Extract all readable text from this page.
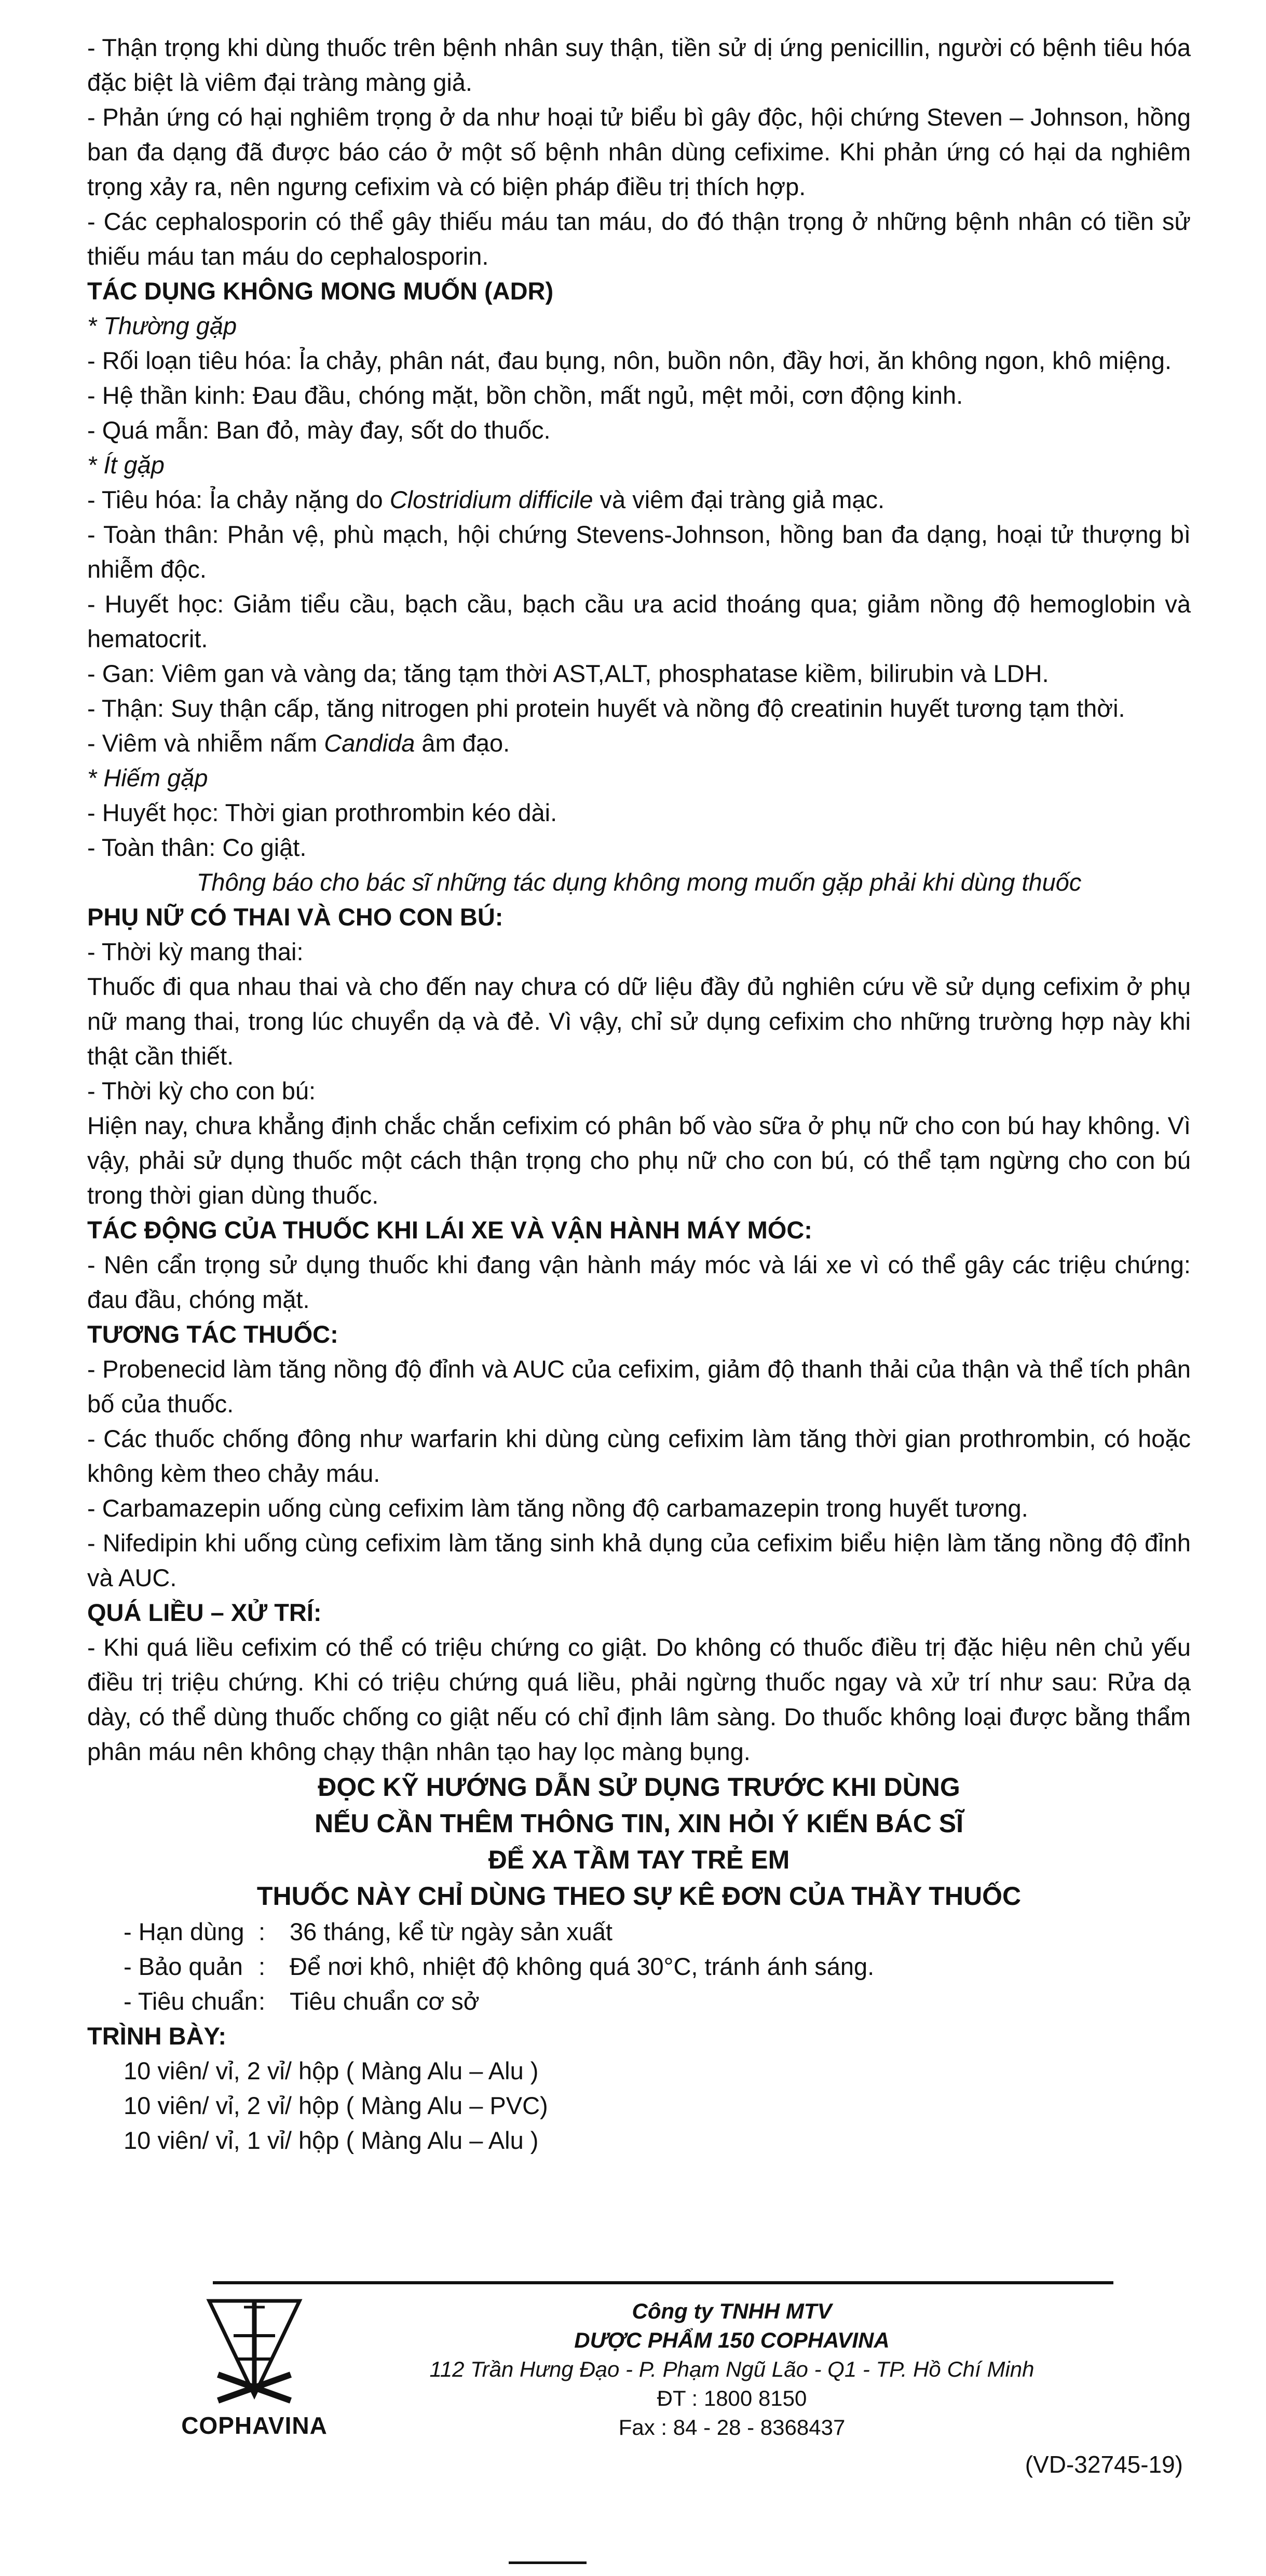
- Thận trọng khi dùng thuốc trên bệnh nhân suy thận, tiền sử dị ứng penicillin, người có bệnh tiêu hóa đặc biệt là viêm đại tràng màng giả.

- Phản ứng có hại nghiêm trọng ở da như hoại tử biểu bì gây độc, hội chứng Steven – Johnson, hồng ban đa dạng đã được báo cáo ở một số bệnh nhân dùng cefixime. Khi phản ứng có hại da nghiêm trọng xảy ra, nên ngưng cefixim và có biện pháp điều trị thích hợp.

- Các cephalosporin có thể gây thiếu máu tan máu, do đó thận trọng ở những bệnh nhân có tiền sử thiếu máu tan máu do cephalosporin.

TÁC DỤNG KHÔNG MONG MUỐN (ADR)

* Thường gặp

- Rối loạn tiêu hóa: Ỉa chảy, phân nát, đau bụng, nôn, buồn nôn, đầy hơi, ăn không ngon, khô miệng.

- Hệ thần kinh: Đau đầu, chóng mặt, bồn chồn, mất ngủ, mệt mỏi, cơn động kinh.

- Quá mẫn: Ban đỏ, mày đay, sốt do thuốc.

* Ít gặp

- Tiêu hóa: Ỉa chảy nặng do Clostridium difficile và viêm đại tràng giả mạc.

- Toàn thân: Phản vệ, phù mạch, hội chứng Stevens-Johnson, hồng ban đa dạng, hoại tử thượng bì nhiễm độc.

- Huyết học: Giảm tiểu cầu, bạch cầu, bạch cầu ưa acid thoáng qua; giảm nồng độ hemoglobin và hematocrit.

- Gan: Viêm gan và vàng da; tăng tạm thời AST,ALT, phosphatase kiềm, bilirubin và LDH.

- Thận: Suy thận cấp, tăng nitrogen phi protein huyết và nồng độ creatinin huyết tương tạm thời.

- Viêm và nhiễm nấm Candida âm đạo.

* Hiếm gặp

- Huyết học: Thời gian prothrombin kéo dài.

- Toàn thân: Co giật.

Thông báo cho bác sĩ những tác dụng không mong muốn gặp phải khi dùng thuốc

PHỤ NỮ CÓ THAI VÀ CHO CON BÚ:

- Thời kỳ mang thai:

Thuốc đi qua nhau thai và cho đến nay chưa có dữ liệu đầy đủ nghiên cứu về sử dụng cefixim ở phụ nữ mang thai, trong lúc chuyển dạ và đẻ. Vì vậy, chỉ sử dụng cefixim cho những trường hợp này khi thật cần thiết.

- Thời kỳ cho con bú:

Hiện nay, chưa khẳng định chắc chắn cefixim có phân bố vào sữa ở phụ nữ cho con bú hay không. Vì vậy, phải sử dụng thuốc một cách thận trọng cho phụ nữ cho con bú, có thể tạm ngừng cho con bú trong thời gian dùng thuốc.

TÁC ĐỘNG CỦA THUỐC KHI LÁI XE VÀ VẬN HÀNH MÁY MÓC:

- Nên cẩn trọng sử dụng thuốc khi đang vận hành máy móc và lái xe vì có thể gây các triệu chứng: đau đầu, chóng mặt.

TƯƠNG TÁC THUỐC:

- Probenecid làm tăng nồng độ đỉnh và AUC của cefixim, giảm độ thanh thải của thận và thể tích phân bố của thuốc.

- Các thuốc chống đông như warfarin khi dùng cùng cefixim làm tăng thời gian prothrombin, có hoặc không kèm theo chảy máu.

- Carbamazepin uống cùng cefixim làm tăng nồng độ carbamazepin trong huyết tương.

- Nifedipin khi uống cùng cefixim làm tăng sinh khả dụng của cefixim biểu hiện làm tăng nồng độ đỉnh và AUC.

QUÁ LIỀU – XỬ TRÍ:

- Khi quá liều cefixim có thể có triệu chứng co giật. Do không có thuốc điều trị đặc hiệu nên chủ yếu điều trị triệu chứng. Khi có triệu chứng quá liều, phải ngừng thuốc ngay và xử trí như sau: Rửa dạ dày, có thể dùng thuốc chống co giật nếu có chỉ định lâm sàng. Do thuốc không loại được bằng thẩm phân máu nên không chạy thận nhân tạo hay lọc màng bụng.

ĐỌC KỸ HƯỚNG DẪN SỬ DỤNG TRƯỚC KHI DÙNG

NẾU CẦN THÊM THÔNG TIN, XIN HỎI Ý KIẾN BÁC SĨ

ĐỂ XA TẦM TAY TRẺ EM

THUỐC NÀY CHỈ DÙNG THEO SỰ KÊ ĐƠN CỦA THẦY THUỐC

- Hạn dùng : 36 tháng, kể từ ngày sản xuất
- Bảo quản : Để nơi khô, nhiệt độ không quá 30°C, tránh ánh sáng.
- Tiêu chuẩn : Tiêu chuẩn cơ sở

TRÌNH BÀY:

10 viên/ vỉ, 2 vỉ/ hộp ( Màng Alu – Alu )

10 viên/ vỉ, 2 vỉ/ hộp ( Màng Alu – PVC)

10 viên/ vỉ, 1 vỉ/ hộp ( Màng Alu – Alu )

COPHAVINA
Công ty TNHH MTV
DƯỢC PHẨM 150 COPHAVINA
112 Trần Hưng Đạo - P. Phạm Ngũ Lão - Q1 - TP. Hồ Chí Minh
ĐT : 1800 8150
Fax : 84 - 28 - 8368437
(VD-32745-19)
